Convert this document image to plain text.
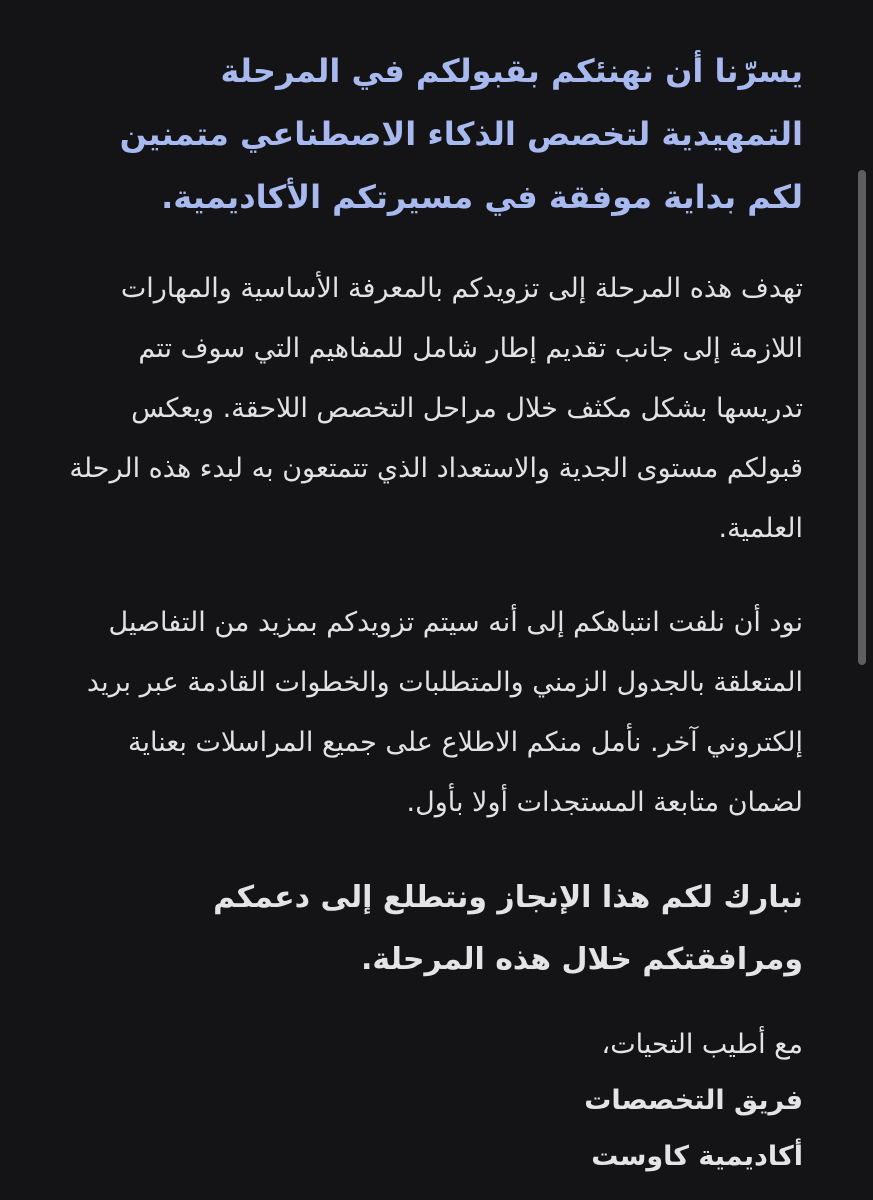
يسرّنا أن نهنئكم بقبولكم في المرحلة التمهيدية لتخصص الذكاء الاصطناعي متمنين لكم بداية موفقة في مسيرتكم الأكاديمية.

تهدف هذه المرحلة إلى تزويدكم بالمعرفة الأساسية والمهارات اللازمة إلى جانب تقديم إطار شامل للمفاهيم التي سوف تتم تدريسها بشكل مكثف خلال مراحل التخصص اللاحقة. ويعكس قبولكم مستوى الجدية والاستعداد الذي تتمتعون به لبدء هذه الرحلة العلمية.

نود أن نلفت انتباهكم إلى أنه سيتم تزويدكم بمزيد من التفاصيل المتعلقة بالجدول الزمني والمتطلبات والخطوات القادمة عبر بريد إلكتروني آخر. نأمل منكم الاطلاع على جميع المراسلات بعناية لضمان متابعة المستجدات أولا بأول.

نبارك لكم هذا الإنجاز ونتطلع إلى دعمكم ومرافقتكم خلال هذه المرحلة.

مع أطيب التحيات،

فريق التخصصات

أكاديمية كاوست
